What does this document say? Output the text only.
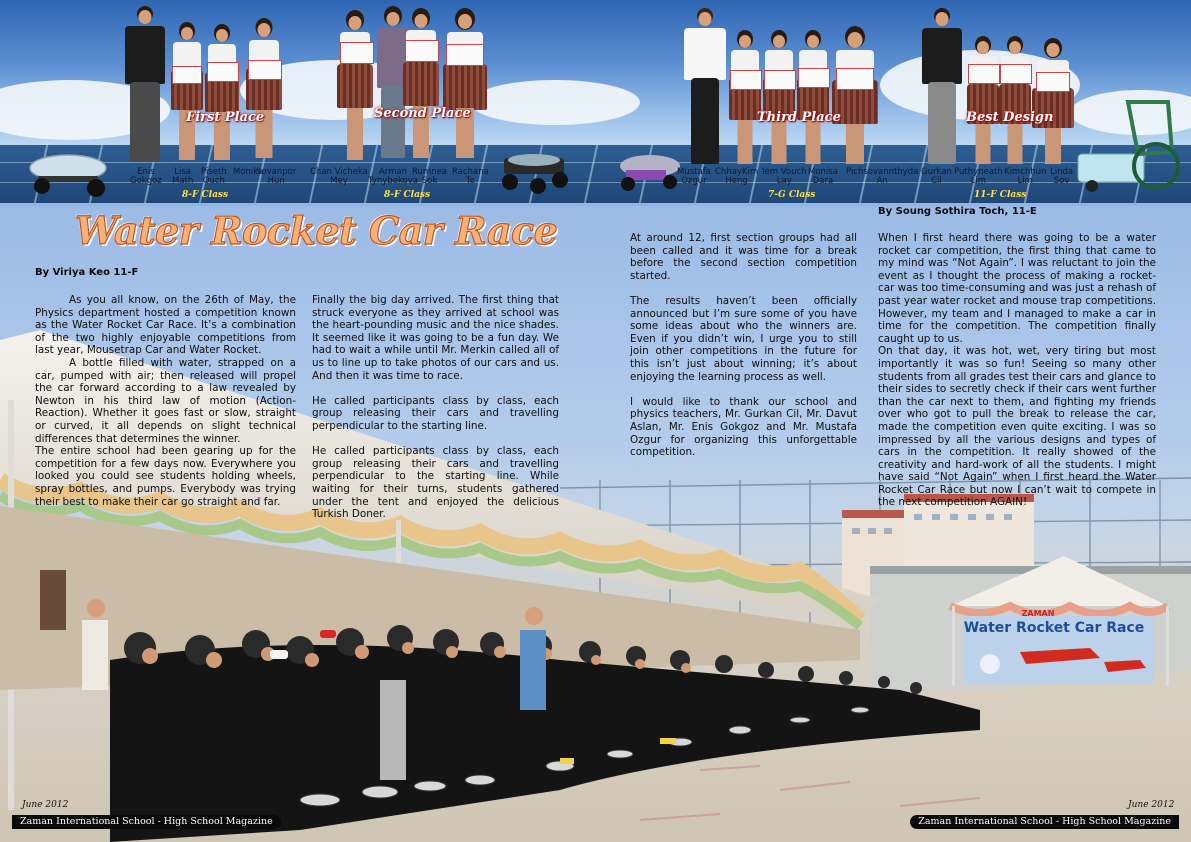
First Place	Second Place	Third Place	Best Design
Enis
Gokgoz
Lisa
Math
Piseth
Ouch
Monika
Sovanpor
Hun
Chan Vicheka
Mey
Arman
Tynybekova
Rumnea
Sok
Rachana
Te
Mustafa
Ozgur
ChhayKim
Heng
Iem Vouch
Lay
Monisa
Dara
Pichsovannthyda
An
Gurkan
Cil
Puthyneath
Lim
Kimchhun
Lim
Linda
Sov
8-F Class	8-F Class	7-G Class	11-F Class
Water Rocket Car Race
ZAMAN
Water Rocket Car Race
By Viriya Keo 11-F
By Soung Sothira Toch, 11-E

As you all know, on the 26th of May, the Physics department hosted a competition known as the Water Rocket Car Race. It’s a combination of the two highly enjoyable competitions from last year, Mousetrap Car and Water Rocket.

A bottle filled with water, strapped on a car, pumped with air; then released will propel the car forward according to a law revealed by Newton in his third law of motion (Action-Reaction). Whether it goes fast or slow, straight or curved, it all depends on slight technical differences that determines the winner.

The entire school had been gearing up for the competition for a few days now. Everywhere you looked you could see students holding wheels, spray bottles, and pumps. Everybody was trying their best to make their car go straight and far.

Finally the big day arrived. The first thing that struck everyone as they arrived at school was the heart-pounding music and the nice shades. It seemed like it was going to be a fun day. We had to wait a while until Mr. Merkin called all of us to line up to take photos of our cars and us. And then it was time to race.

He called participants class by class, each group releasing their cars and travelling perpendicular to the starting line.

He called participants class by class, each group releasing their cars and travelling perpendicular to the starting line. While waiting for their turns, students gathered under the tent and enjoyed the delicious Turkish Doner.

At around 12, first section groups had all been called and it was time for a break before the second section competition started.

The results haven’t been officially announced but I’m sure some of you have some ideas about who the winners are. Even if you didn’t win, I urge you to still join other competitions in the future for this isn’t just about winning; it’s about enjoying the learning process as well.

I would like to thank our school and physics teachers, Mr. Gurkan Cil, Mr. Davut Aslan, Mr. Enis Gokgoz and Mr. Mustafa Ozgur for organizing this unforgettable competition.

When I first heard there was going to be a water rocket car competition, the first thing that came to my mind was “Not Again”. I was reluctant to join the event as I thought the process of making a rocket-car was too time-consuming and was just a rehash of past year water rocket and mouse trap competitions. However, my team and I managed to make a car in time for the competition. The competition finally caught up to us.

On that day, it was hot, wet, very tiring but most importantly it was so fun! Seeing so many other students from all grades test their cars and glance to their sides to secretly check if their cars went further than the car next to them, and fighting my friends over who got to pull the break to release the car, made the competition even quite exciting. I was so impressed by all the various designs and types of cars in the competition. It really showed of the creativity and hard-work of all the students. I might have said “Not Again” when I first heard the Water Rocket Car Race but now I can’t wait to compete in the next competition AGAIN!

June 2012
Zaman International School - High School Magazine
June 2012
Zaman International School - High School Magazine
